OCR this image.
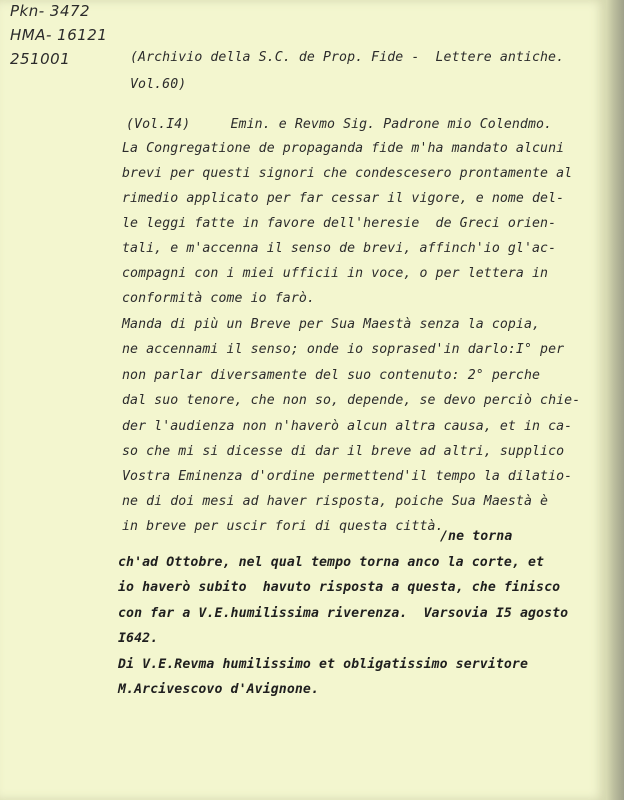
Pkn- 3472
HMA- 16121
251001	(Archivio della S.C. de Prop. Fide -  Lettere antiche.
Vol.60)
(Vol.I4)     Emin. e Revmo Sig. Padrone mio Colendmo.
La Congregatione de propaganda fide m'ha mandato alcuni
brevi per questi signori che condescesero prontamente al
rimedio applicato per far cessar il vigore, e nome del-
le leggi fatte in favore dell'heresie  de Greci orien-
tali, e m'accenna il senso de brevi, affinch'io gl'ac-
compagni con i miei ufficii in voce, o per lettera in
conformità come io farò.
Manda di più un Breve per Sua Maestà senza la copia,
ne accennami il senso; onde io soprased'in darlo:I° per
non parlar diversamente del suo contenuto: 2° perche
dal suo tenore, che non so, depende, se devo perciò chie-
der l'audienza non n'haverò alcun altra causa, et in ca-
so che mi si dicesse di dar il breve ad altri, supplico
Vostra Eminenza d'ordine permettend'il tempo la dilatio-
ne di doi mesi ad haver risposta, poiche Sua Maestà è
in breve per uscir fori di questa città.
/ne torna
ch'ad Ottobre, nel qual tempo torna anco la corte, et
io haverò subito  havuto risposta a questa, che finisco
con far a V.E.humilissima riverenza.  Varsovia I5 agosto
I642.
Di V.E.Revma humilissimo et obligatissimo servitore
M.Arcivescovo d'Avignone.
